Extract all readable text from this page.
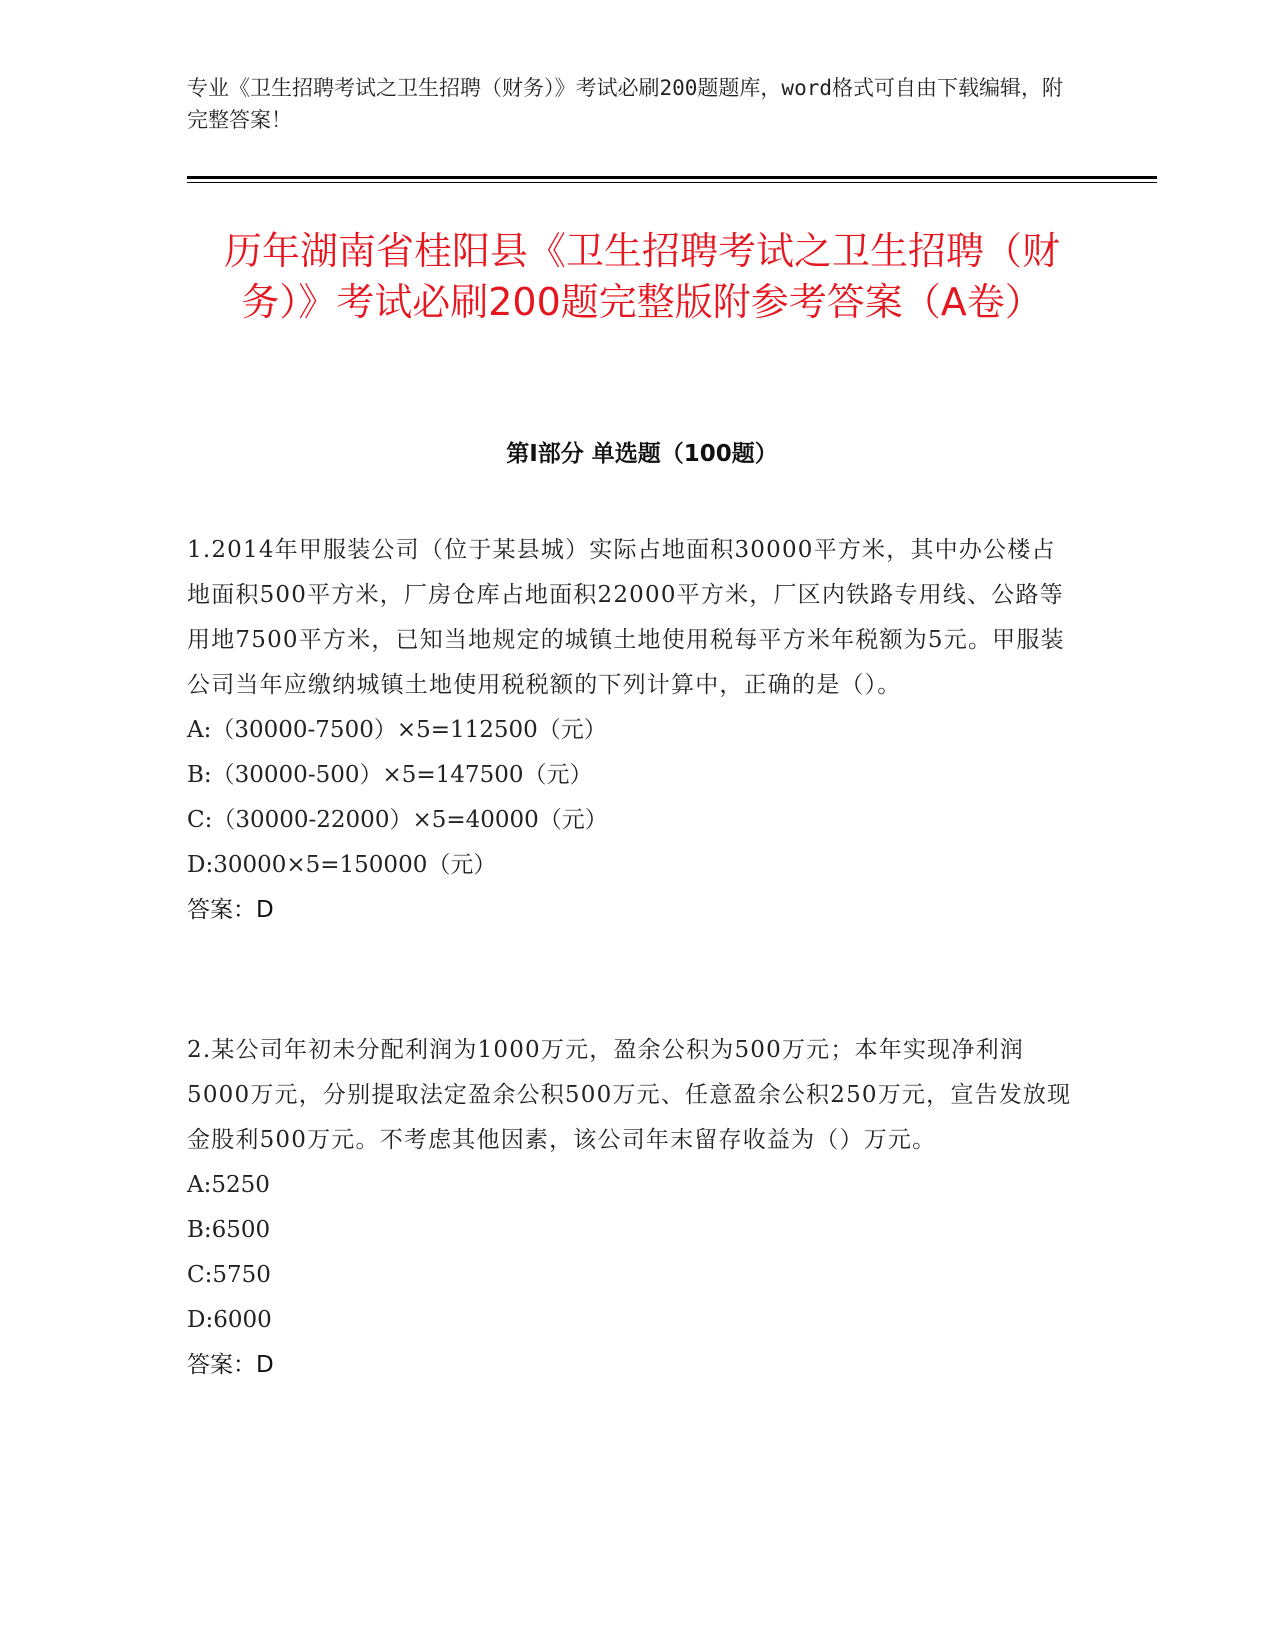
专业《卫生招聘考试之卫生招聘（财务）》考试必刷200题题库，word格式可自由下载编辑，附完整答案！

历年湖南省桂阳县《卫生招聘考试之卫生招聘（财务）》考试必刷200题完整版附参考答案（A卷）
第I部分 单选题（100题）

1.2014年甲服装公司（位于某县城）实际占地面积30000平方米，其中办公楼占地面积500平方米，厂房仓库占地面积22000平方米，厂区内铁路专用线、公路等用地7500平方米，已知当地规定的城镇土地使用税每平方米年税额为5元。甲服装公司当年应缴纳城镇土地使用税税额的下列计算中，正确的是（）。

A:（30000-7500）×5=112500（元）

B:（30000-500）×5=147500（元）

C:（30000-22000）×5=40000（元）

D:30000×5=150000（元）

答案：D

2.某公司年初未分配利润为1000万元，盈余公积为500万元；本年实现净利润5000万元，分别提取法定盈余公积500万元、任意盈余公积250万元，宣告发放现金股利500万元。不考虑其他因素，该公司年末留存收益为（）万元。

A:5250

B:6500

C:5750

D:6000

答案：D
